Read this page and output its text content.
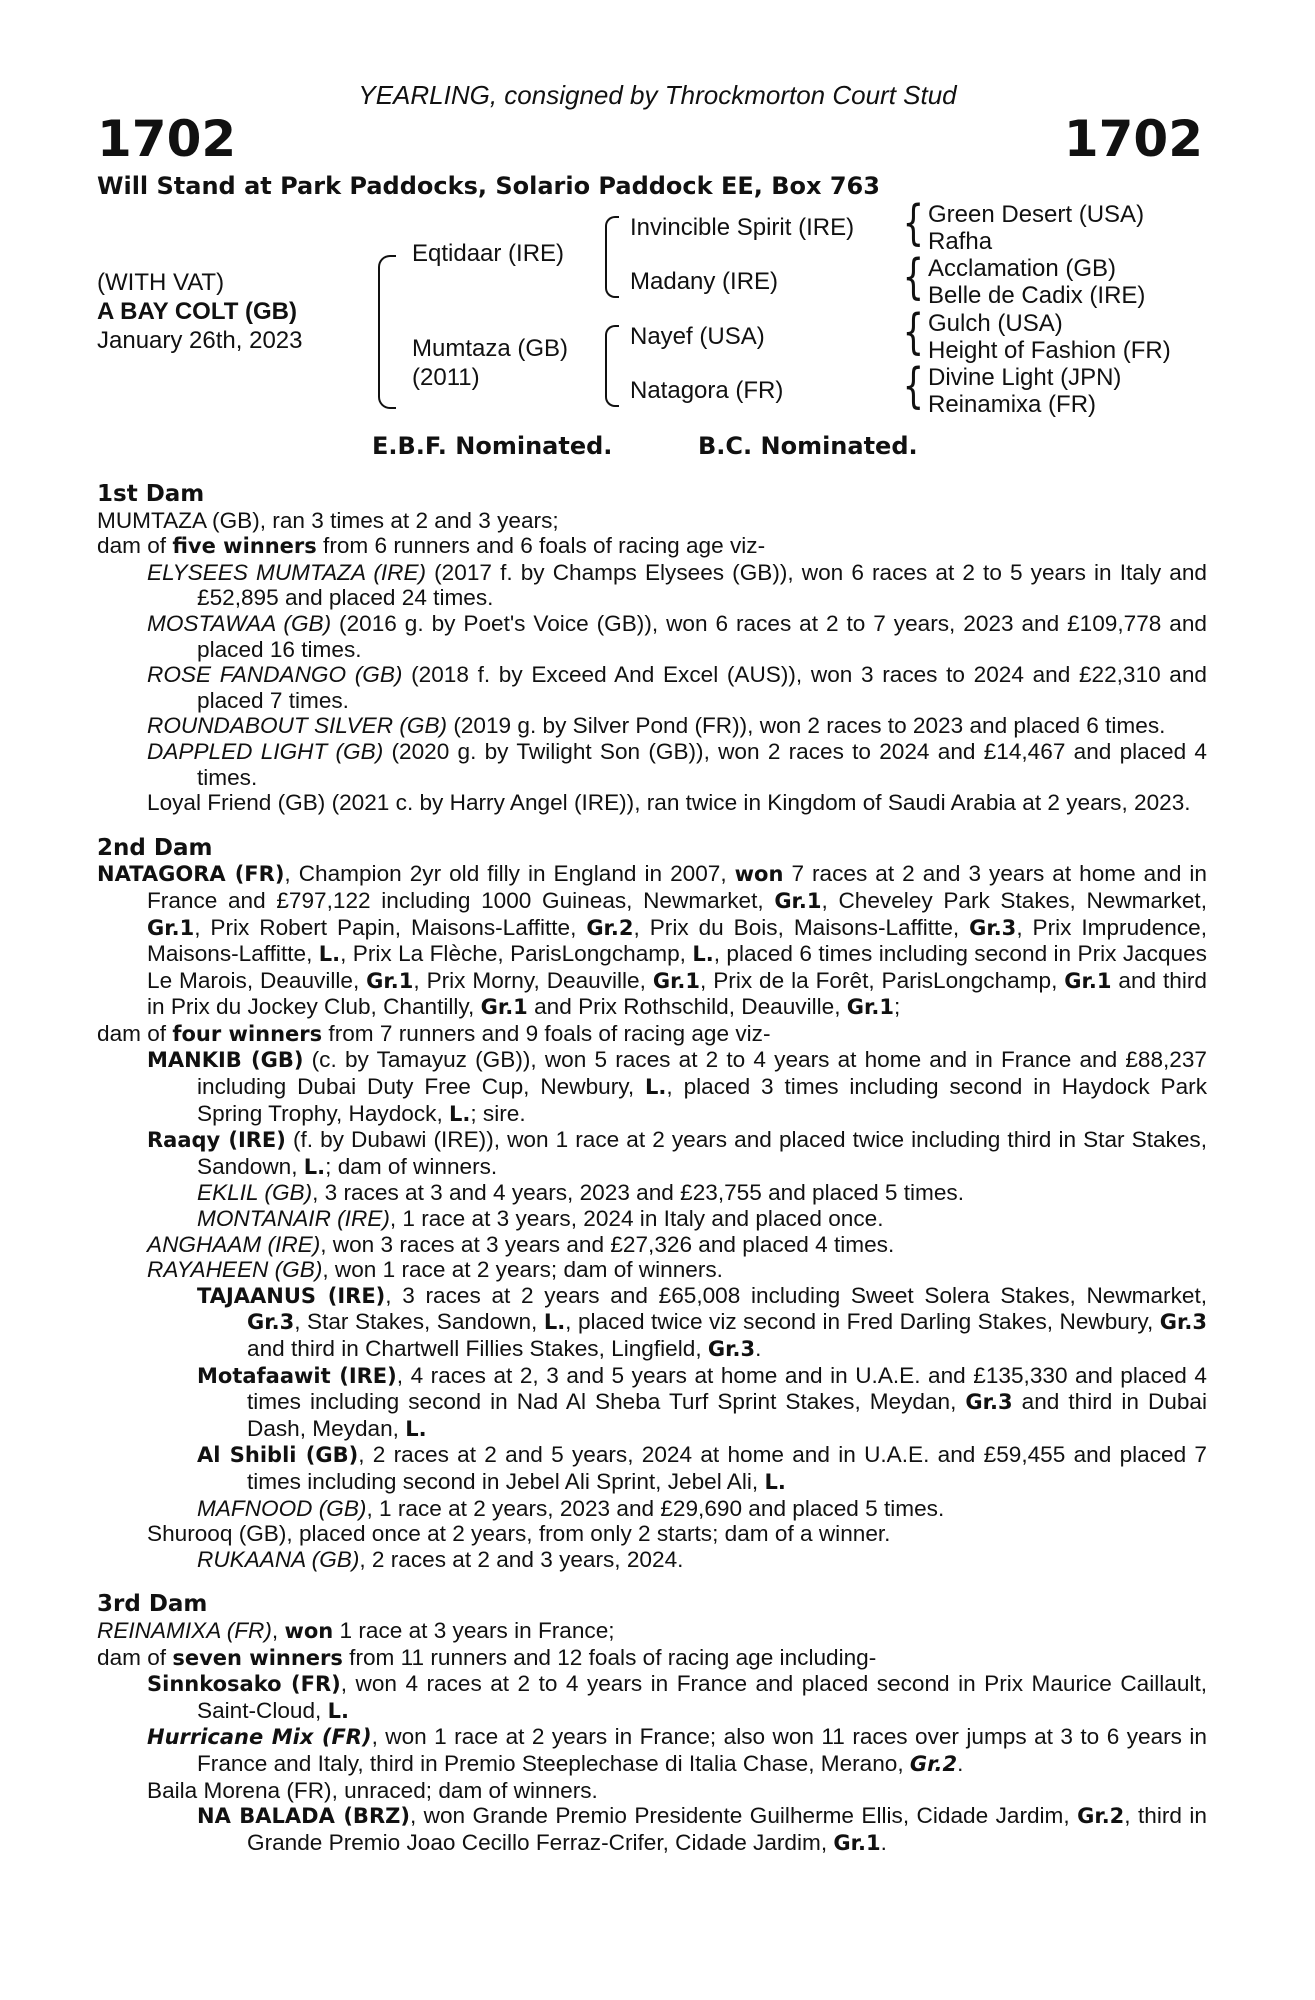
YEARLING, consigned by Throckmorton Court Stud
1702	1702
Will Stand at Park Paddocks, Solario Paddock EE, Box 763
(WITH VAT)
A BAY COLT (GB)
January 26th, 2023
Eqtidaar (IRE)
Mumtaza (GB)
(2011)
Invincible Spirit (IRE)
Madany (IRE)
Nayef (USA)
Natagora (FR)
{
{
{
{
Green Desert (USA)
Rafha
Acclamation (GB)
Belle de Cadix (IRE)
Gulch (USA)
Height of Fashion (FR)
Divine Light (JPN)
Reinamixa (FR)
E.B.F. Nominated.	B.C. Nominated.
1st Dam
MUMTAZA (GB), ran 3 times at 2 and 3 years;
dam of five winners from 6 runners and 6 foals of racing age viz-
ELYSEES MUMTAZA (IRE) (2017 f. by Champs Elysees (GB)), won 6 races at 2 to 5 years in Italy and £52,895 and placed 24 times.
MOSTAWAA (GB) (2016 g. by Poet's Voice (GB)), won 6 races at 2 to 7 years, 2023 and £109,778 and placed 16 times.
ROSE FANDANGO (GB) (2018 f. by Exceed And Excel (AUS)), won 3 races to 2024 and £22,310 and placed 7 times.
ROUNDABOUT SILVER (GB) (2019 g. by Silver Pond (FR)), won 2 races to 2023 and placed 6 times.
DAPPLED LIGHT (GB) (2020 g. by Twilight Son (GB)), won 2 races to 2024 and £14,467 and placed 4 times.
Loyal Friend (GB) (2021 c. by Harry Angel (IRE)), ran twice in Kingdom of Saudi Arabia at 2 years, 2023.
2nd Dam
NATAGORA (FR), Champion 2yr old filly in England in 2007, won 7 races at 2 and 3 years at home and in France and £797,122 including 1000 Guineas, Newmarket, Gr.1, Cheveley Park Stakes, Newmarket, Gr.1, Prix Robert Papin, Maisons-Laffitte, Gr.2, Prix du Bois, Maisons-Laffitte, Gr.3, Prix Imprudence, Maisons-Laffitte, L., Prix La Flèche, ParisLongchamp, L., placed 6 times including second in Prix Jacques Le Marois, Deauville, Gr.1, Prix Morny, Deauville, Gr.1, Prix de la Forêt, ParisLongchamp, Gr.1 and third in Prix du Jockey Club, Chantilly, Gr.1 and Prix Rothschild, Deauville, Gr.1;
dam of four winners from 7 runners and 9 foals of racing age viz-
MANKIB (GB) (c. by Tamayuz (GB)), won 5 races at 2 to 4 years at home and in France and £88,237 including Dubai Duty Free Cup, Newbury, L., placed 3 times including second in Haydock Park Spring Trophy, Haydock, L.; sire.
Raaqy (IRE) (f. by Dubawi (IRE)), won 1 race at 2 years and placed twice including third in Star Stakes, Sandown, L.; dam of winners.
EKLIL (GB), 3 races at 3 and 4 years, 2023 and £23,755 and placed 5 times.
MONTANAIR (IRE), 1 race at 3 years, 2024 in Italy and placed once.
ANGHAAM (IRE), won 3 races at 3 years and £27,326 and placed 4 times.
RAYAHEEN (GB), won 1 race at 2 years; dam of winners.
TAJAANUS (IRE), 3 races at 2 years and £65,008 including Sweet Solera Stakes, Newmarket, Gr.3, Star Stakes, Sandown, L., placed twice viz second in Fred Darling Stakes, Newbury, Gr.3 and third in Chartwell Fillies Stakes, Lingfield, Gr.3.
Motafaawit (IRE), 4 races at 2, 3 and 5 years at home and in U.A.E. and £135,330 and placed 4 times including second in Nad Al Sheba Turf Sprint Stakes, Meydan, Gr.3 and third in Dubai Dash, Meydan, L.
Al Shibli (GB), 2 races at 2 and 5 years, 2024 at home and in U.A.E. and £59,455 and placed 7 times including second in Jebel Ali Sprint, Jebel Ali, L.
MAFNOOD (GB), 1 race at 2 years, 2023 and £29,690 and placed 5 times.
Shurooq (GB), placed once at 2 years, from only 2 starts; dam of a winner.
RUKAANA (GB), 2 races at 2 and 3 years, 2024.
3rd Dam
REINAMIXA (FR), won 1 race at 3 years in France;
dam of seven winners from 11 runners and 12 foals of racing age including-
Sinnkosako (FR), won 4 races at 2 to 4 years in France and placed second in Prix Maurice Caillault, Saint-Cloud, L.
Hurricane Mix (FR), won 1 race at 2 years in France; also won 11 races over jumps at 3 to 6 years in France and Italy, third in Premio Steeplechase di Italia Chase, Merano, Gr.2.
Baila Morena (FR), unraced; dam of winners.
NA BALADA (BRZ), won Grande Premio Presidente Guilherme Ellis, Cidade Jardim, Gr.2, third in Grande Premio Joao Cecillo Ferraz-Crifer, Cidade Jardim, Gr.1.
